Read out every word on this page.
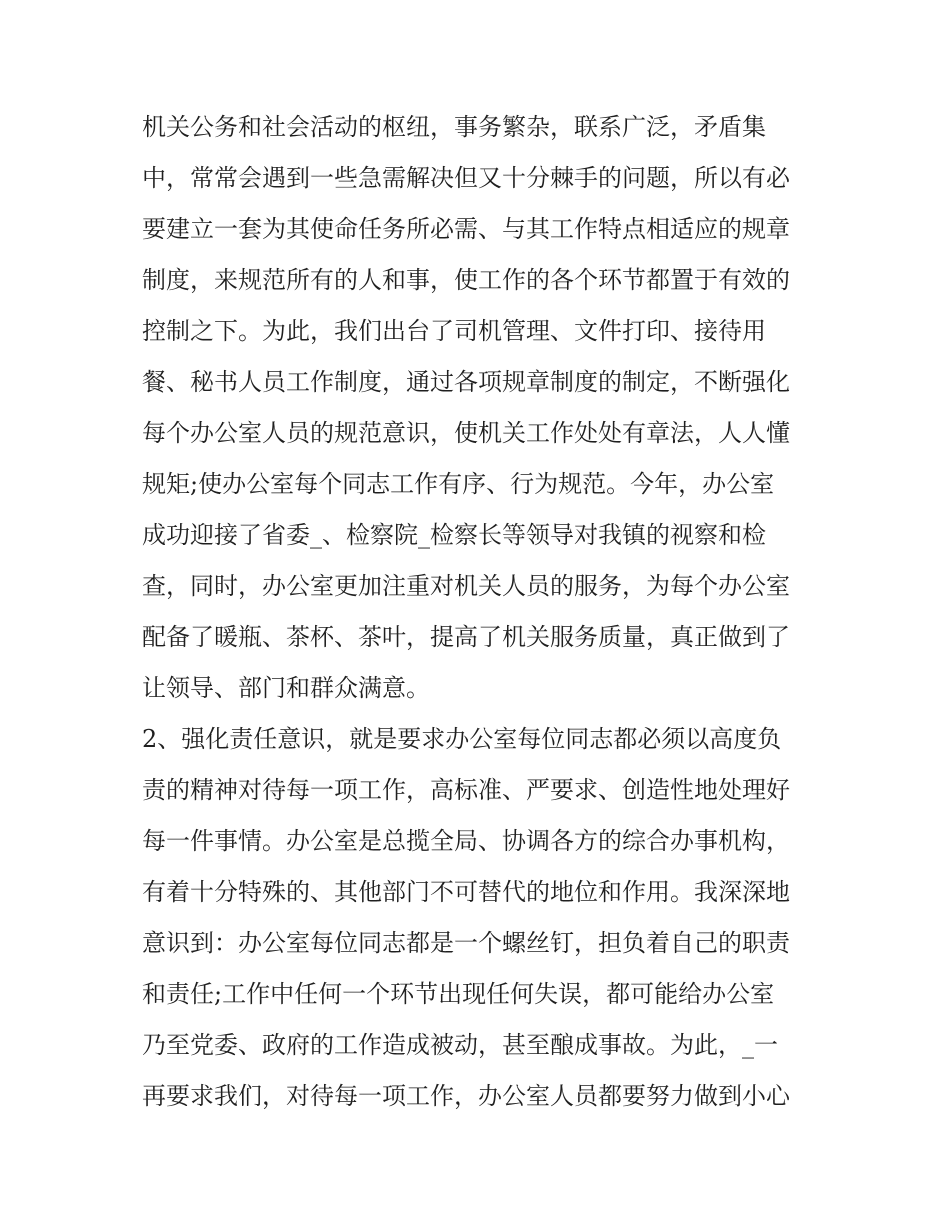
机关公务和社会活动的枢纽，事务繁杂，联系广泛，矛盾集
中，常常会遇到一些急需解决但又十分棘手的问题，所以有必
要建立一套为其使命任务所必需、与其工作特点相适应的规章
制度，来规范所有的人和事，使工作的各个环节都置于有效的
控制之下。为此，我们出台了司机管理、文件打印、接待用
餐、秘书人员工作制度，通过各项规章制度的制定，不断强化
每个办公室人员的规范意识，使机关工作处处有章法，人人懂
规矩;使办公室每个同志工作有序、行为规范。今年，办公室
成功迎接了省委_、检察院_检察长等领导对我镇的视察和检
查，同时，办公室更加注重对机关人员的服务，为每个办公室
配备了暖瓶、茶杯、茶叶，提高了机关服务质量，真正做到了
让领导、部门和群众满意。
2、强化责任意识，就是要求办公室每位同志都必须以高度负
责的精神对待每一项工作，高标准、严要求、创造性地处理好
每一件事情。办公室是总揽全局、协调各方的综合办事机构，
有着十分特殊的、其他部门不可替代的地位和作用。我深深地
意识到：办公室每位同志都是一个螺丝钉，担负着自己的职责
和责任;工作中任何一个环节出现任何失误，都可能给办公室
乃至党委、政府的工作造成被动，甚至酿成事故。为此，_一
再要求我们，对待每一项工作，办公室人员都要努力做到小心
